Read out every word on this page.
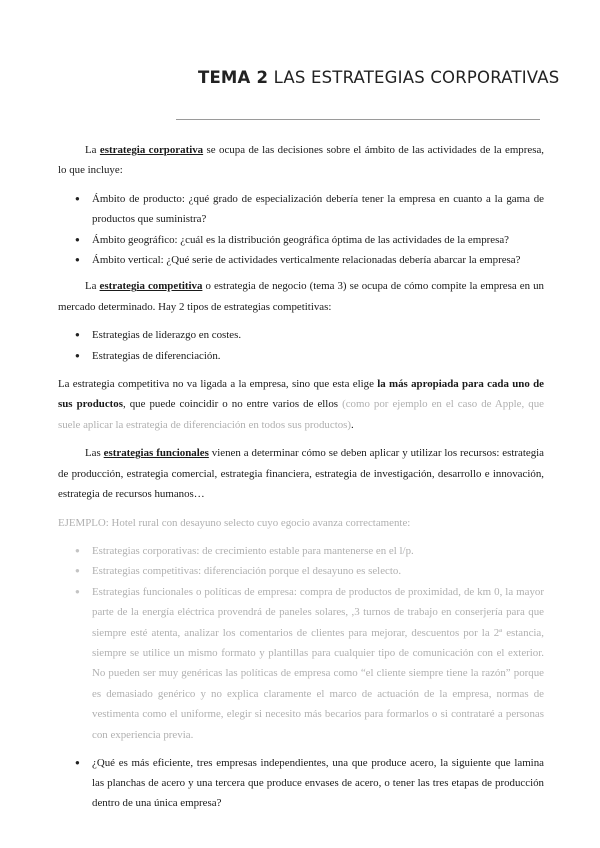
TEMA 2 LAS ESTRATEGIAS CORPORATIVAS

La estrategia corporativa se ocupa de las decisiones sobre el ámbito de las actividades de la empresa, lo que incluye:

● Ámbito de producto: ¿qué grado de especialización debería tener la empresa en cuanto a la gama de productos que suministra?
● Ámbito geográfico: ¿cuál es la distribución geográfica óptima de las actividades de la empresa?
● Ámbito vertical: ¿Qué serie de actividades verticalmente relacionadas debería abarcar la empresa?

La estrategia competitiva o estrategia de negocio (tema 3) se ocupa de cómo compite la empresa en un mercado determinado. Hay 2 tipos de estrategias competitivas:

● Estrategias de liderazgo en costes.
● Estrategias de diferenciación.

La estrategia competitiva no va ligada a la empresa, sino que esta elige la más apropiada para cada uno de sus productos, que puede coincidir o no entre varios de ellos (como por ejemplo en el caso de Apple, que suele aplicar la estrategia de diferenciación en todos sus productos).

Las estrategias funcionales vienen a determinar cómo se deben aplicar y utilizar los recursos: estrategia de producción, estrategia comercial, estrategia financiera, estrategia de investigación, desarrollo e innovación, estrategia de recursos humanos…

EJEMPLO: Hotel rural con desayuno selecto cuyo egocio avanza correctamente:

● Estrategias corporativas: de crecimiento estable para mantenerse en el l/p.
● Estrategias competitivas: diferenciación porque el desayuno es selecto.
● Estrategias funcionales o políticas de empresa: compra de productos de proximidad, de km 0, la mayor parte de la energía eléctrica provendrá de paneles solares, ,3 turnos de trabajo en conserjería para que siempre esté atenta, analizar los comentarios de clientes para mejorar, descuentos por la 2ª estancia, siempre se utilice un mismo formato y plantillas para cualquier tipo de comunicación con el exterior. No pueden ser muy genéricas las políticas de empresa como “el cliente siempre tiene la razón” porque es demasiado genérico y no explica claramente el marco de actuación de la empresa, normas de vestimenta como el uniforme, elegir si necesito más becarios para formarlos o si contrataré a personas con experiencia previa.
● ¿Qué es más eficiente, tres empresas independientes, una que produce acero, la siguiente que lamina las planchas de acero y una tercera que produce envases de acero, o tener las tres etapas de producción dentro de una única empresa?
